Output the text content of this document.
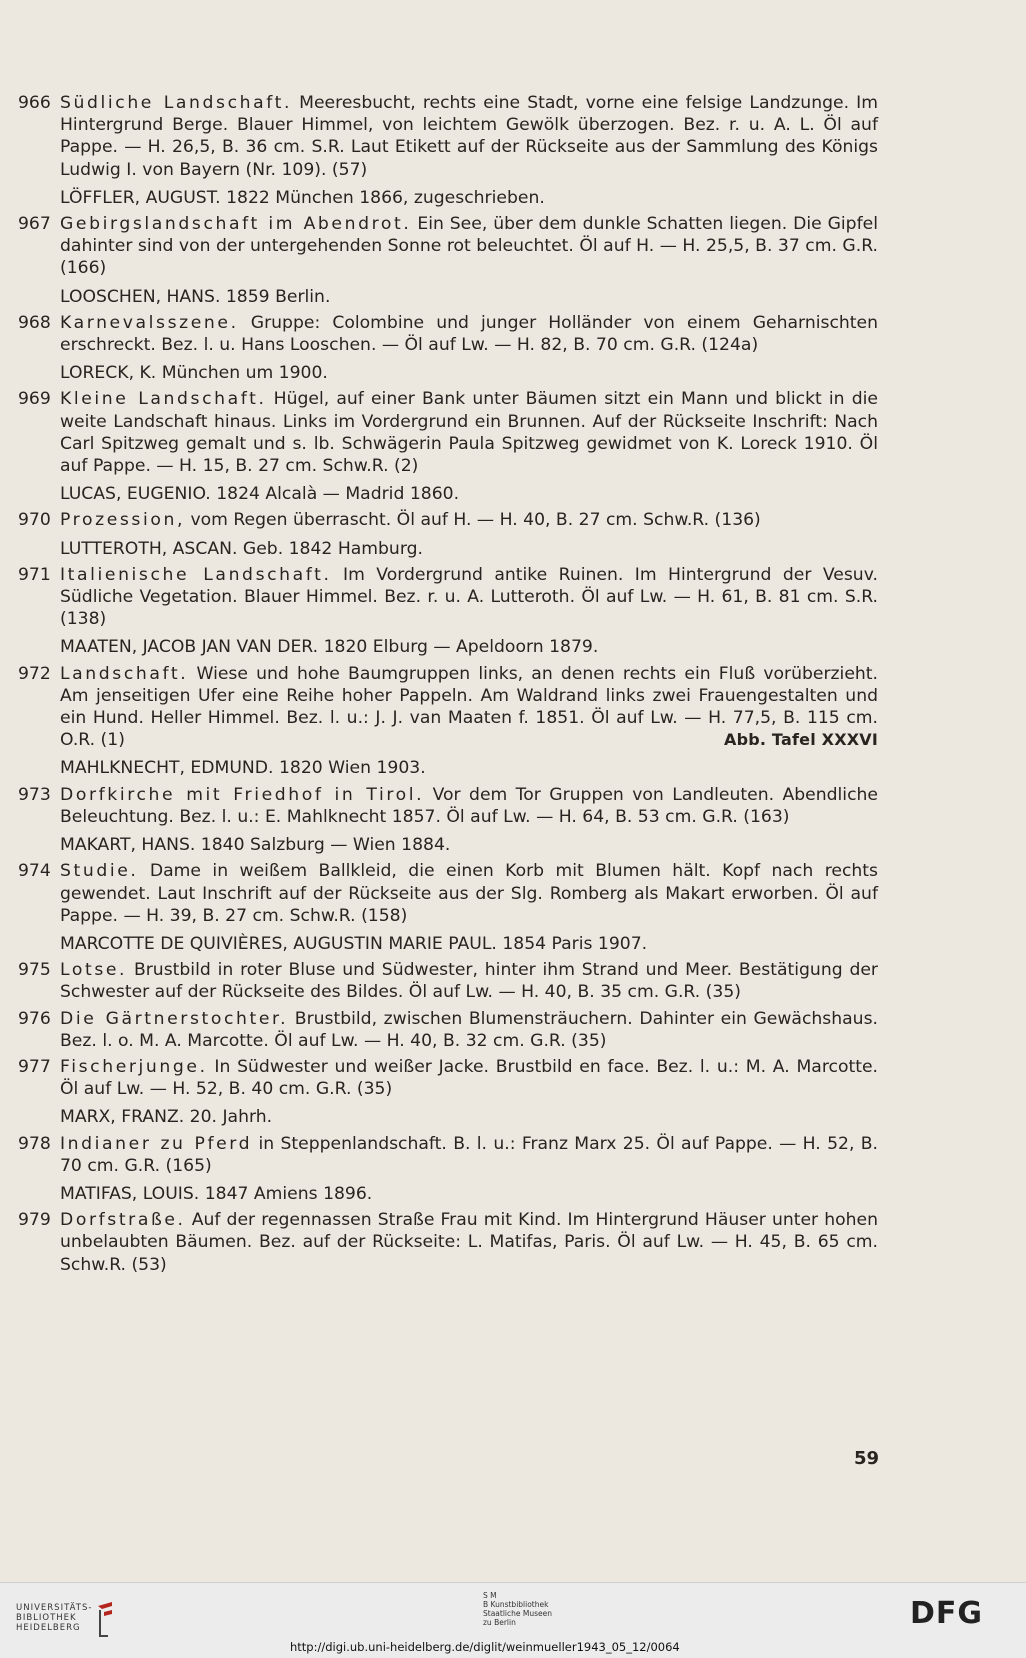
966 Südliche Landschaft. Meeresbucht, rechts eine Stadt, vorne eine felsige Landzunge. Im Hintergrund Berge. Blauer Himmel, von leichtem Gewölk überzogen. Bez. r. u. A. L. Öl auf Pappe. — H. 26,5, B. 36 cm. S.R. Laut Etikett auf der Rückseite aus der Sammlung des Königs Ludwig I. von Bayern (Nr. 109). (57)
LÖFFLER, AUGUST. 1822 München 1866, zugeschrieben.
967 Gebirgslandschaft im Abendrot. Ein See, über dem dunkle Schatten liegen. Die Gipfel dahinter sind von der untergehenden Sonne rot beleuchtet. Öl auf H. — H. 25,5, B. 37 cm. G.R. (166)
LOOSCHEN, HANS. 1859 Berlin.
968 Karnevalsszene. Gruppe: Colombine und junger Holländer von einem Geharnischten erschreckt. Bez. l. u. Hans Looschen. — Öl auf Lw. — H. 82, B. 70 cm. G.R. (124a)
LORECK, K. München um 1900.
969 Kleine Landschaft. Hügel, auf einer Bank unter Bäumen sitzt ein Mann und blickt in die weite Landschaft hinaus. Links im Vordergrund ein Brunnen. Auf der Rückseite Inschrift: Nach Carl Spitzweg gemalt und s. lb. Schwägerin Paula Spitzweg gewidmet von K. Loreck 1910. Öl auf Pappe. — H. 15, B. 27 cm. Schw.R. (2)
LUCAS, EUGENIO. 1824 Alcalà — Madrid 1860.
970 Prozession, vom Regen überrascht. Öl auf H. — H. 40, B. 27 cm. Schw.R. (136)
LUTTEROTH, ASCAN. Geb. 1842 Hamburg.
971 Italienische Landschaft. Im Vordergrund antike Ruinen. Im Hintergrund der Vesuv. Südliche Vegetation. Blauer Himmel. Bez. r. u. A. Lutteroth. Öl auf Lw. — H. 61, B. 81 cm. S.R. (138)
MAATEN, JACOB JAN VAN DER. 1820 Elburg — Apeldoorn 1879.
972 Landschaft. Wiese und hohe Baumgruppen links, an denen rechts ein Fluß vorüberzieht. Am jenseitigen Ufer eine Reihe hoher Pappeln. Am Waldrand links zwei Frauengestalten und ein Hund. Heller Himmel. Bez. l. u.: J. J. van Maaten f. 1851. Öl auf Lw. — H. 77,5, B. 115 cm. O.R. (1)	Abb. Tafel XXXVI
MAHLKNECHT, EDMUND. 1820 Wien 1903.
973 Dorfkirche mit Friedhof in Tirol. Vor dem Tor Gruppen von Landleuten. Abendliche Beleuchtung. Bez. l. u.: E. Mahlknecht 1857. Öl auf Lw. — H. 64, B. 53 cm. G.R. (163)
MAKART, HANS. 1840 Salzburg — Wien 1884.
974 Studie. Dame in weißem Ballkleid, die einen Korb mit Blumen hält. Kopf nach rechts gewendet. Laut Inschrift auf der Rückseite aus der Slg. Romberg als Makart erworben. Öl auf Pappe. — H. 39, B. 27 cm. Schw.R. (158)
MARCOTTE DE QUIVIÈRES, AUGUSTIN MARIE PAUL. 1854 Paris 1907.
975 Lotse. Brustbild in roter Bluse und Südwester, hinter ihm Strand und Meer. Bestätigung der Schwester auf der Rückseite des Bildes. Öl auf Lw. — H. 40, B. 35 cm. G.R. (35)
976 Die Gärtnerstochter. Brustbild, zwischen Blumensträuchern. Dahinter ein Gewächshaus. Bez. l. o. M. A. Marcotte. Öl auf Lw. — H. 40, B. 32 cm. G.R. (35)
977 Fischerjunge. In Südwester und weißer Jacke. Brustbild en face. Bez. l. u.: M. A. Marcotte. Öl auf Lw. — H. 52, B. 40 cm. G.R. (35)
MARX, FRANZ. 20. Jahrh.
978 Indianer zu Pferd in Steppenlandschaft. B. l. u.: Franz Marx 25. Öl auf Pappe. — H. 52, B. 70 cm. G.R. (165)
MATIFAS, LOUIS. 1847 Amiens 1896.
979 Dorfstraße. Auf der regennassen Straße Frau mit Kind. Im Hintergrund Häuser unter hohen unbelaubten Bäumen. Bez. auf der Rückseite: L. Matifas, Paris. Öl auf Lw. — H. 45, B. 65 cm. Schw.R. (53)
59
UNIVERSITÄTS-
BIBLIOTHEK
HEIDELBERG
S M
B Kunstbibliothek
Staatliche Museen
zu Berlin	DFG
http://digi.ub.uni-heidelberg.de/diglit/weinmueller1943_05_12/0064
